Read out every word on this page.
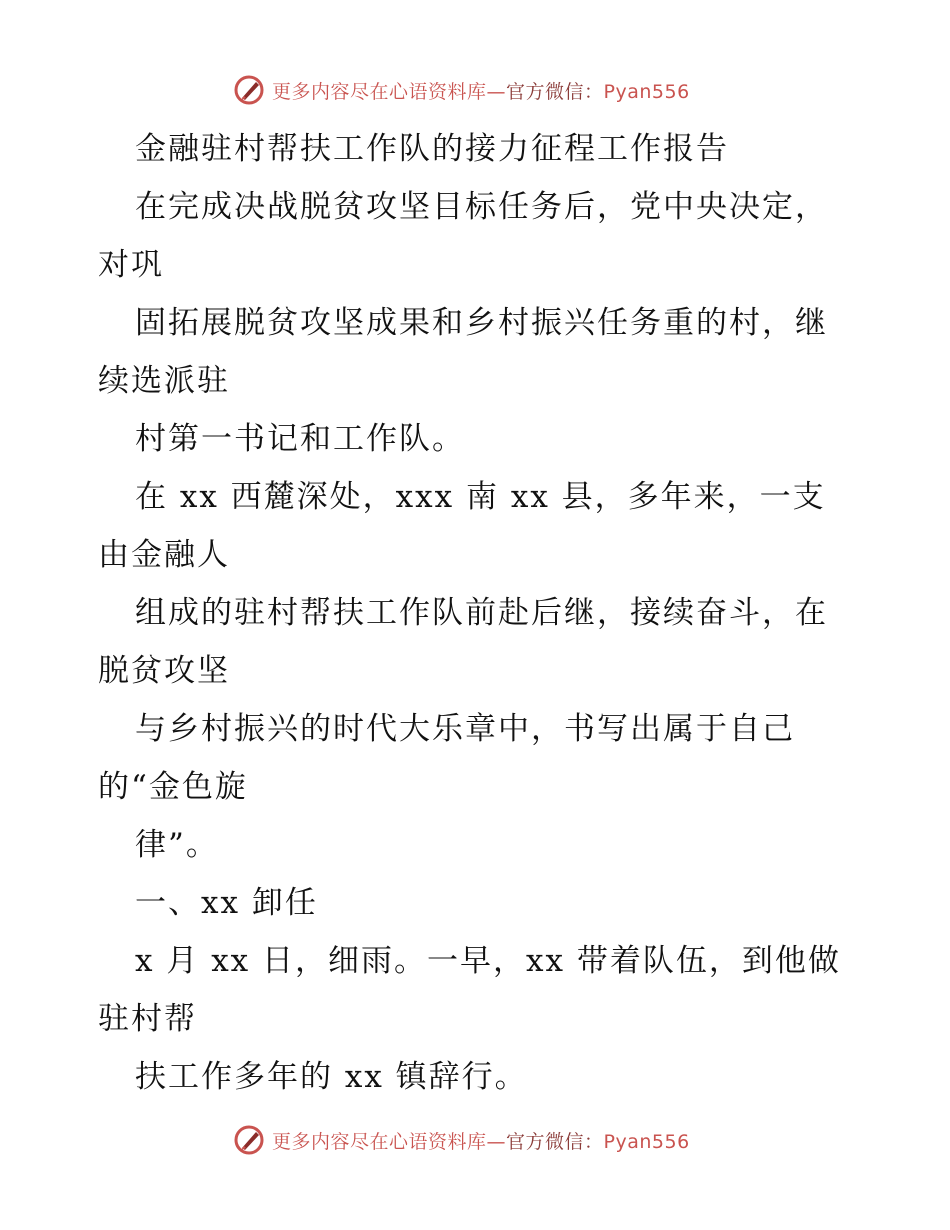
更多内容尽在心语资料库—官方微信：Pyan556
金融驻村帮扶工作队的接力征程工作报告
在完成决战脱贫攻坚目标任务后，党中央决定，
对巩
固拓展脱贫攻坚成果和乡村振兴任务重的村，继
续选派驻
村第一书记和工作队。
在 xx 西麓深处，xxx 南 xx 县，多年来，一支
由金融人
组成的驻村帮扶工作队前赴后继，接续奋斗，在
脱贫攻坚
与乡村振兴的时代大乐章中，书写出属于自己
的“金色旋
律”。
一、xx 卸任
x 月 xx 日，细雨。一早，xx 带着队伍，到他做
驻村帮
扶工作多年的 xx 镇辞行。
更多内容尽在心语资料库—官方微信：Pyan556
